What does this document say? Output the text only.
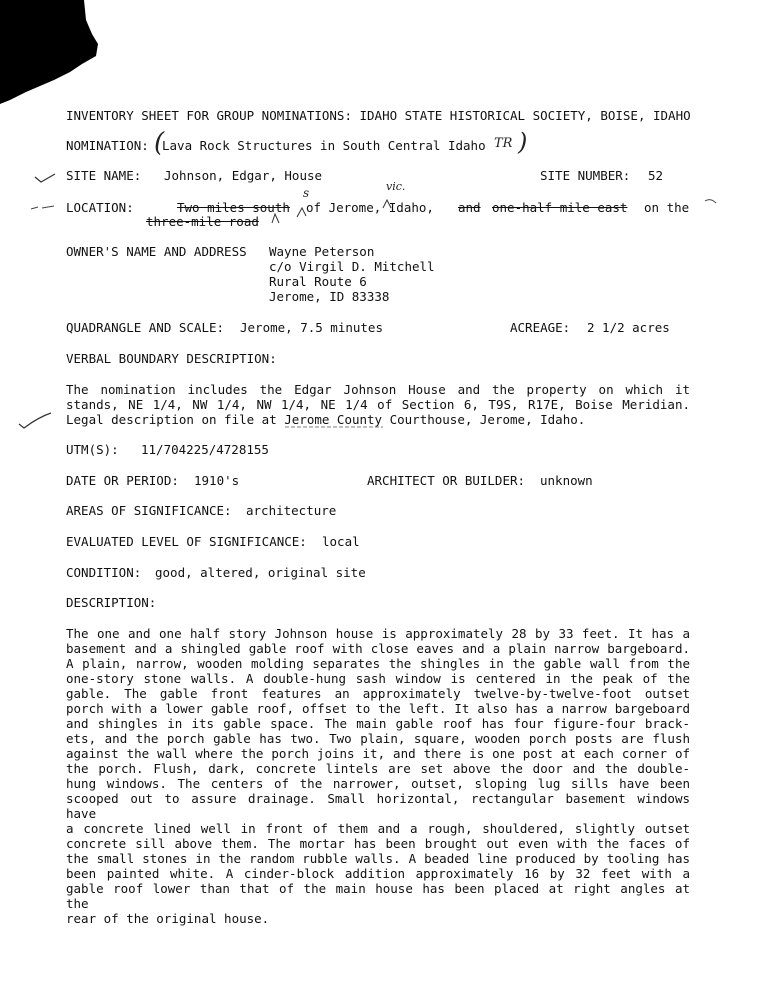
INVENTORY SHEET FOR GROUP NOMINATIONS: IDAHO STATE HISTORICAL SOCIETY, BOISE, IDAHO
NOMINATION: Lava Rock Structures in South Central Idaho
(	TR )
SITE NAME: Johnson, Edgar, House	SITE NUMBER: 52
LOCATION:	Two miles south of Jerome, Idaho, and one-half mile east on the
three-mile road
s	vic.
OWNER'S NAME AND ADDRESS Wayne Peterson
c/o Virgil D. Mitchell
Rural Route 6
Jerome, ID 83338
QUADRANGLE AND SCALE: Jerome, 7.5 minutes	ACREAGE: 2 1/2 acres
VERBAL BOUNDARY DESCRIPTION:
The nomination includes the Edgar Johnson House and the property on which it
stands, NE 1/4, NW 1/4, NW 1/4, NE 1/4 of Section 6, T9S, R17E, Boise Meridian.
Legal description on file at Jerome County Courthouse, Jerome, Idaho.
UTM(S): 11/704225/4728155
DATE OR PERIOD: 1910's	ARCHITECT OR BUILDER: unknown
AREAS OF SIGNIFICANCE: architecture
EVALUATED LEVEL OF SIGNIFICANCE: local
CONDITION: good, altered, original site
DESCRIPTION:
The one and one half story Johnson house is approximately 28 by 33 feet. It has a
basement and a shingled gable roof with close eaves and a plain narrow bargeboard.
A plain, narrow, wooden molding separates the shingles in the gable wall from the
one-story stone walls. A double-hung sash window is centered in the peak of the
gable. The gable front features an approximately twelve-by-twelve-foot outset
porch with a lower gable roof, offset to the left. It also has a narrow bargeboard
and shingles in its gable space. The main gable roof has four figure-four brack-
ets, and the porch gable has two. Two plain, square, wooden porch posts are flush
against the wall where the porch joins it, and there is one post at each corner of
the porch. Flush, dark, concrete lintels are set above the door and the double-
hung windows. The centers of the narrower, outset, sloping lug sills have been
scooped out to assure drainage. Small horizontal, rectangular basement windows have
a concrete lined well in front of them and a rough, shouldered, slightly outset
concrete sill above them. The mortar has been brought out even with the faces of
the small stones in the random rubble walls. A beaded line produced by tooling has
been painted white. A cinder-block addition approximately 16 by 32 feet with a
gable roof lower than that of the main house has been placed at right angles at the
rear of the original house.
